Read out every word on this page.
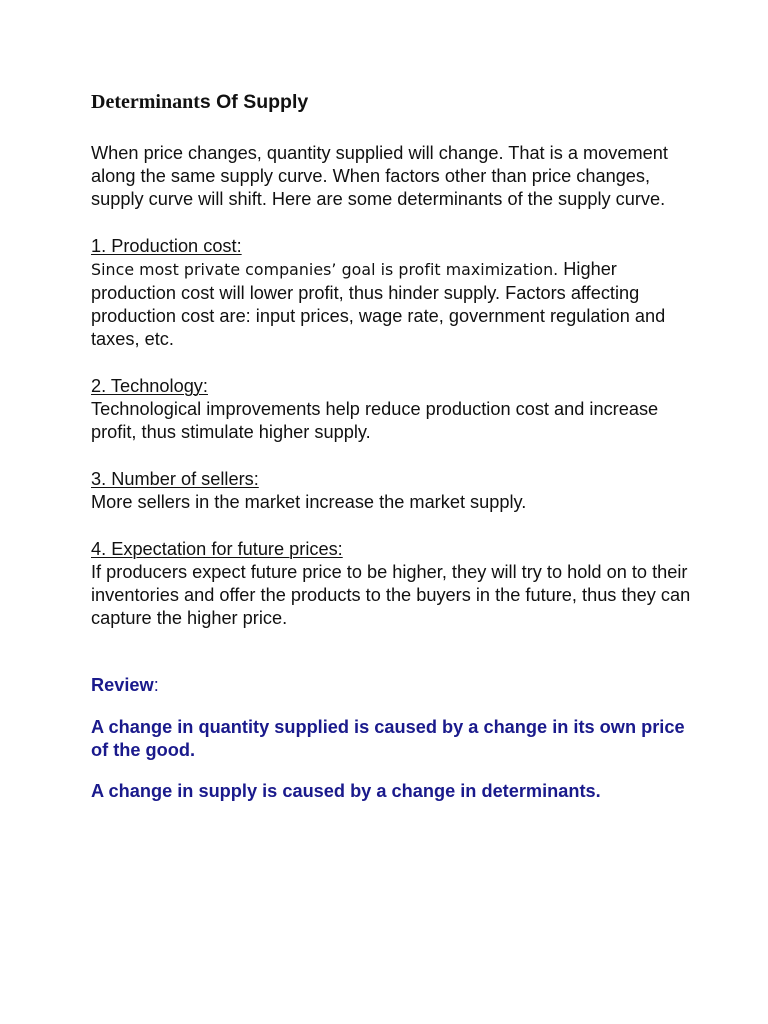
Determinants Of Supply

When price changes, quantity supplied will change. That is a movement along the same supply curve. When factors other than price changes, supply curve will shift. Here are some determinants of the supply curve.

1. Production cost:

Since most private companies’ goal is profit maximization. Higher production cost will lower profit, thus hinder supply. Factors affecting production cost are: input prices, wage rate, government regulation and taxes, etc.

2. Technology:

Technological improvements help reduce production cost and increase profit, thus stimulate higher supply.

3. Number of sellers:

More sellers in the market increase the market supply.

4. Expectation for future prices:

If producers expect future price to be higher, they will try to hold on to their inventories and offer the products to the buyers in the future, thus they can capture the higher price.

Review:

A change in quantity supplied is caused by a change in its own price of the good.

A change in supply is caused by a change in determinants.
